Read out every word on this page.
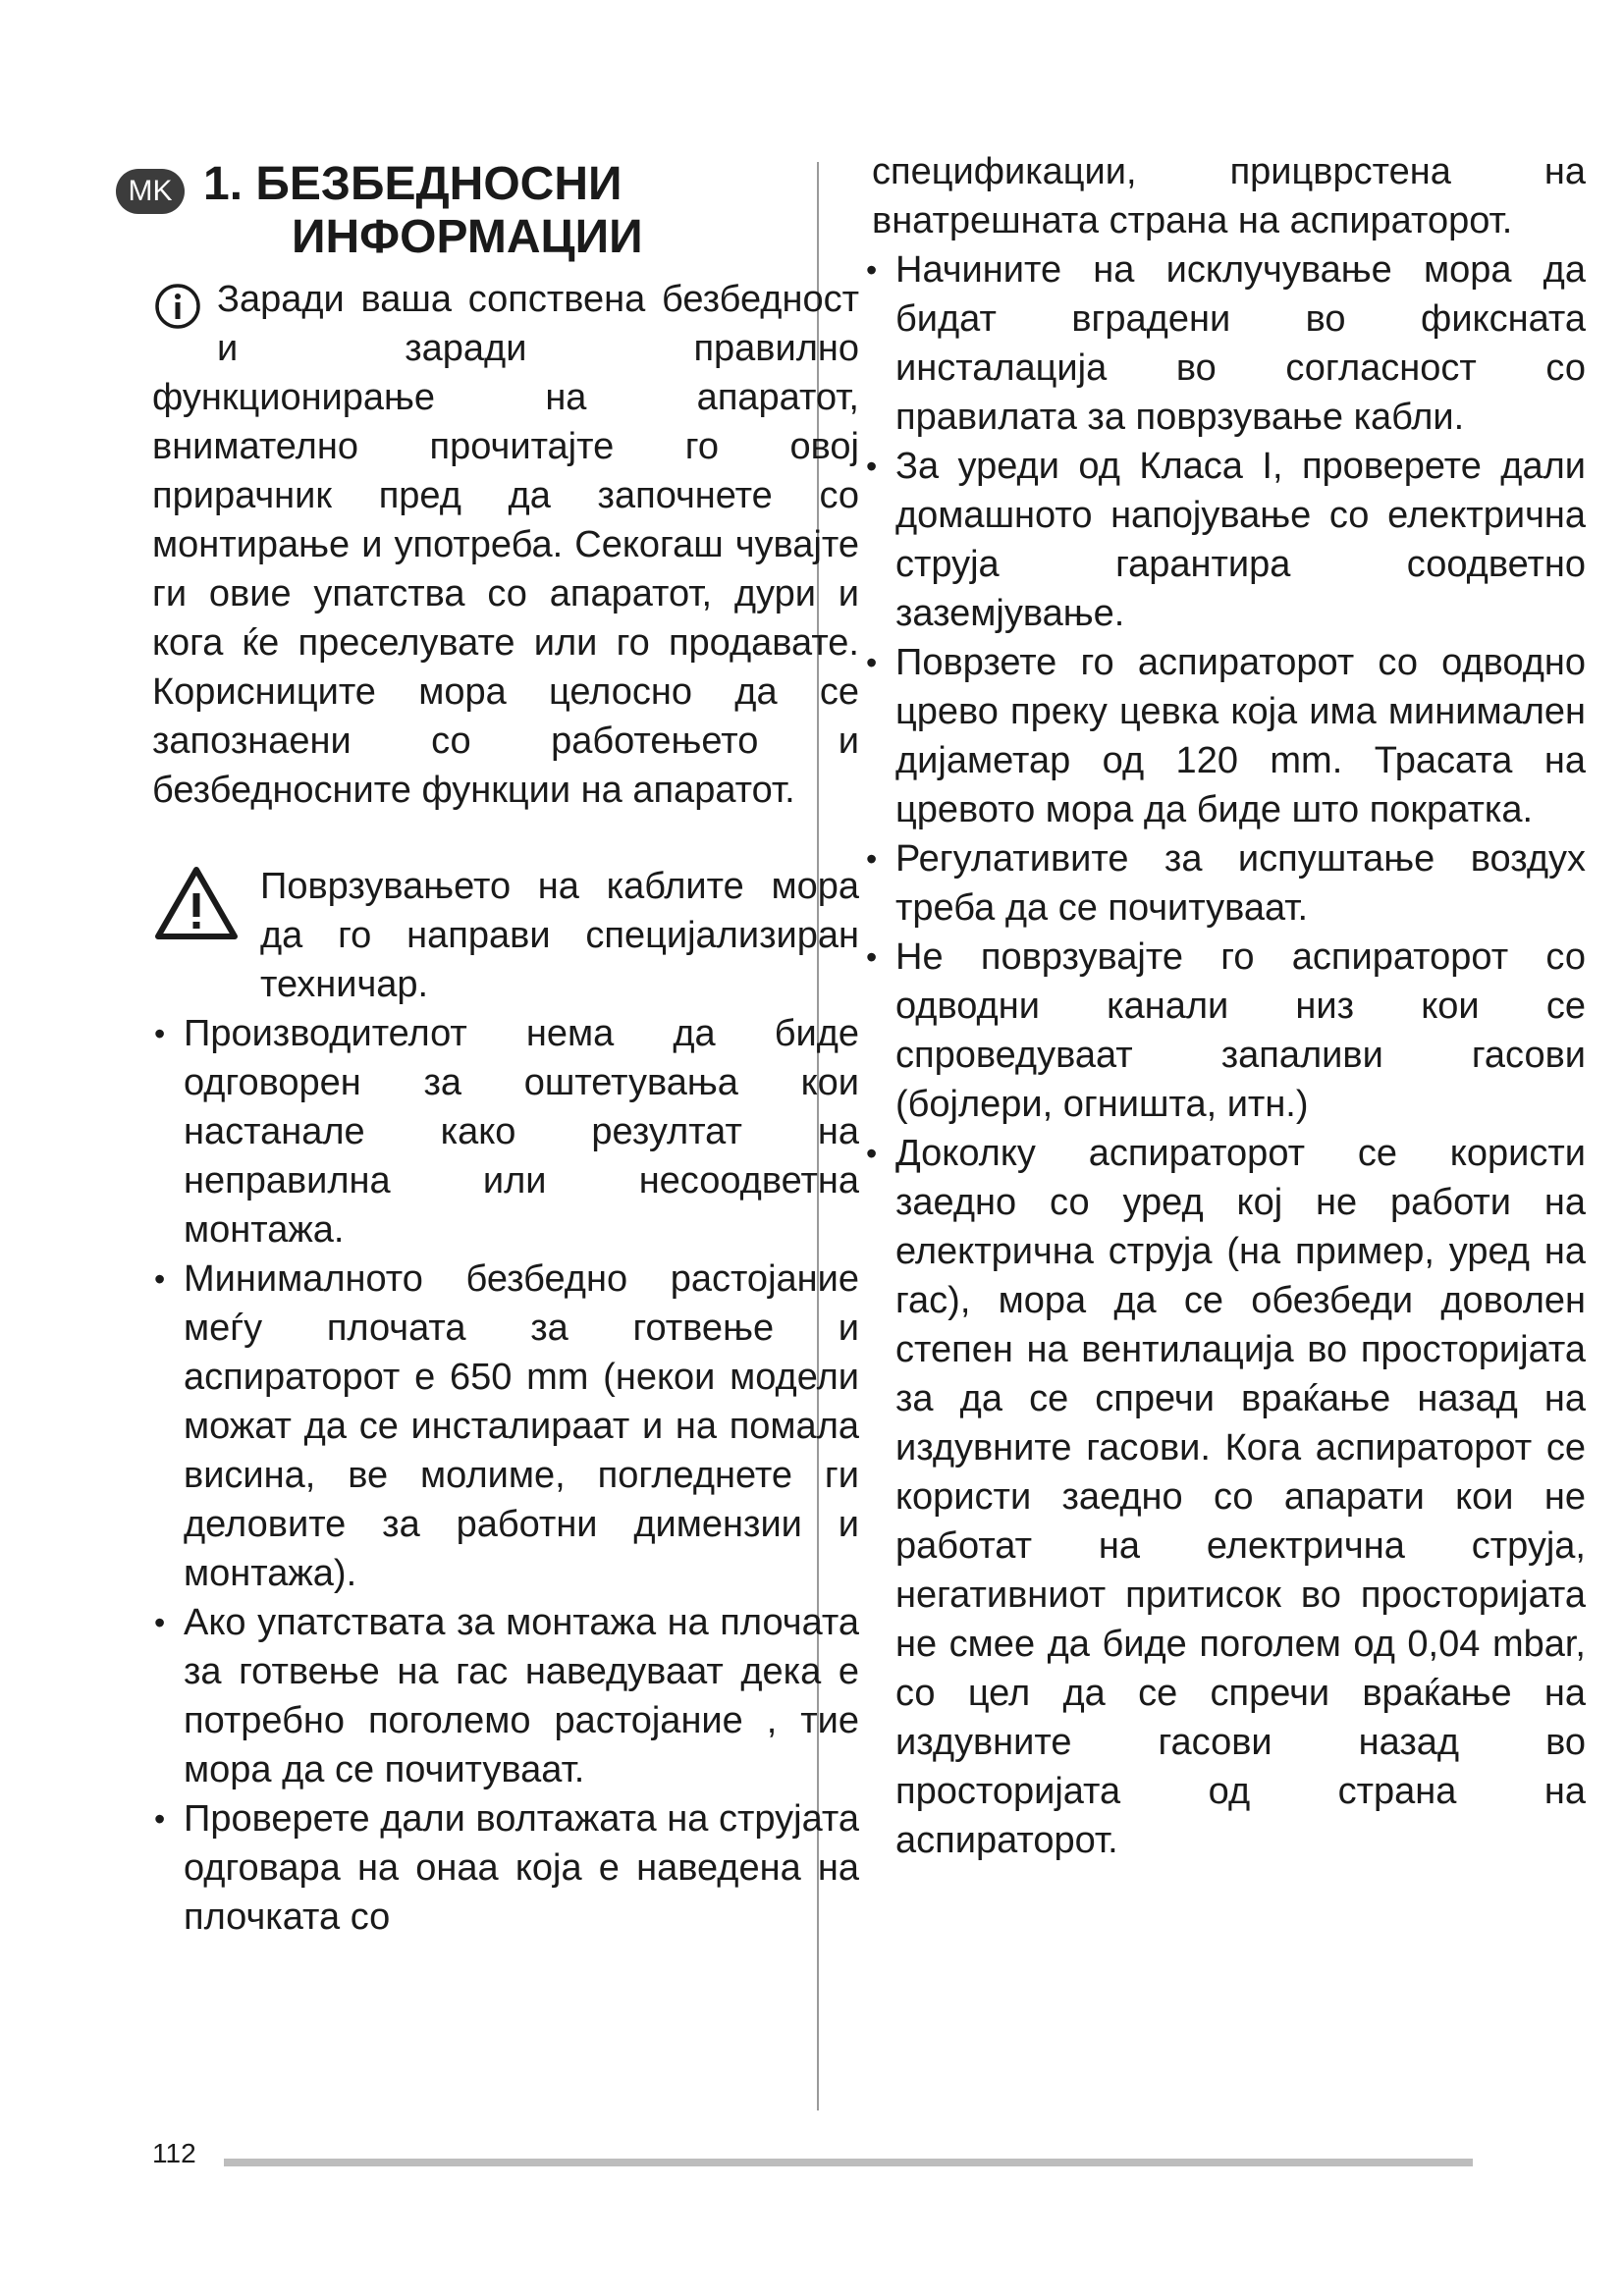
MK 1. БЕЗБЕДНОСНИ
ИНФОРМАЦИИ

Заради ваша сопствена безбедност и заради правилно

функционирање на апаратот, внимателно прочитајте го овој прирачник пред да започнете со монтирање и употреба. Секогаш чувајте ги овие упатства со апаратот, дури и кога ќе преселувате или го продавате. Корисниците мора целосно да се запознаени со работењето и безбедносните функции на апаратот.

Поврзувањето на каблите мора да го направи специјализиран техничар.

• Производителот нема да биде одговорен за оштетувања кои настанале како резултат на неправилна или несоодветна монтажа.
• Минималното безбедно растојание меѓу плочата за готвење и аспираторот е 650 mm (некои модели можат да се инсталираат и на помала висина, ве молиме, погледнете ги деловите за работни димензии и монтажа).
• Ако упатствата за монтажа на плочата за готвење на гас наведуваат дека е потребно поголемо растојание , тие мора да се почитуваат.
• Проверете дали волтажата на струјата одговара на онаа која е наведена на плочката со

спецификации, прицврстена на внатрешната страна на аспираторот.

• Начините на исклучување мора да бидат вградени во фиксната инсталација во согласност со правилата за поврзување кабли.
• За уреди од Класа I, проверете дали домашното напојување со електрична струја гарантира соодветно заземјување.
• Поврзете го аспираторот со одводно црево преку цевка која има минимален дијаметар од 120 mm. Трасата на цревото мора да биде што пократка.
• Регулативите за испуштање воздух треба да се почитуваат.
• Не поврзувајте го аспираторот со одводни канали низ кои се спроведуваат запаливи гасови (бојлери, огништа, итн.)
• Доколку аспираторот се користи заедно со уред кој не работи на електрична струја (на пример, уред на гас), мора да се обезбеди доволен степен на вентилација во просторијата за да се спречи враќање назад на издувните гасови. Кога аспираторот се користи заедно со апарати кои не работат на електрична струја, негативниот притисок во просторијата не смее да биде поголем од 0,04 mbar, со цел да се спречи враќање на издувните гасови назад во просторијата од страна на аспираторот.
112
